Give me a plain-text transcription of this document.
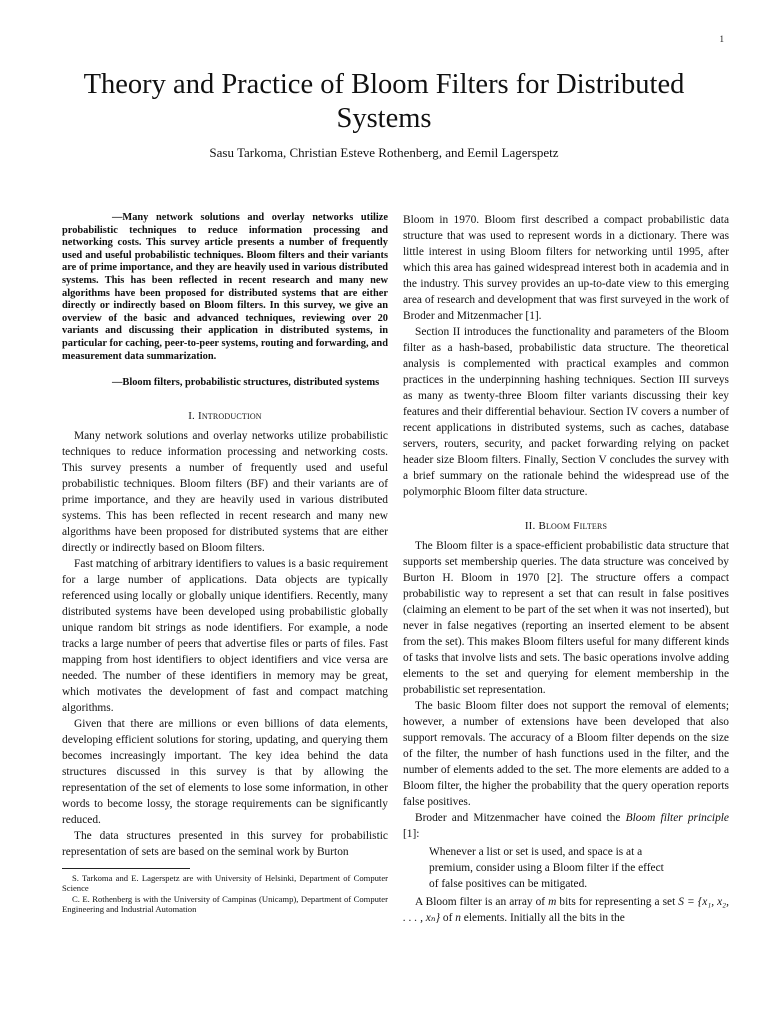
1
Theory and Practice of Bloom Filters for Distributed Systems
Sasu Tarkoma, Christian Esteve Rothenberg, and Eemil Lagerspetz

—Many network solutions and overlay networks utilize probabilistic techniques to reduce information processing and networking costs. This survey article presents a number of frequently used and useful probabilistic techniques. Bloom filters and their variants are of prime importance, and they are heavily used in various distributed systems. This has been reflected in recent research and many new algorithms have been proposed for distributed systems that are either directly or indirectly based on Bloom filters. In this survey, we give an overview of the basic and advanced techniques, reviewing over 20 variants and discussing their application in distributed systems, in particular for caching, peer-to-peer systems, routing and forwarding, and measurement data summarization.

—Bloom filters, probabilistic structures, distributed systems

I. Introduction

Many network solutions and overlay networks utilize probabilistic techniques to reduce information processing and networking costs. This survey presents a number of frequently used and useful probabilistic techniques. Bloom filters (BF) and their variants are of prime importance, and they are heavily used in various distributed systems. This has been reflected in recent research and many new algorithms have been proposed for distributed systems that are either directly or indirectly based on Bloom filters.

Fast matching of arbitrary identifiers to values is a basic requirement for a large number of applications. Data objects are typically referenced using locally or globally unique identifiers. Recently, many distributed systems have been developed using probabilistic globally unique random bit strings as node identifiers. For example, a node tracks a large number of peers that advertise files or parts of files. Fast mapping from host identifiers to object identifiers and vice versa are needed. The number of these identifiers in memory may be great, which motivates the development of fast and compact matching algorithms.

Given that there are millions or even billions of data elements, developing efficient solutions for storing, updating, and querying them becomes increasingly important. The key idea behind the data structures discussed in this survey is that by allowing the representation of the set of elements to lose some information, in other words to become lossy, the storage requirements can be significantly reduced.

The data structures presented in this survey for probabilistic representation of sets are based on the seminal work by Burton

S. Tarkoma and E. Lagerspetz are with University of Helsinki, Department of Computer Science

C. E. Rothenberg is with the University of Campinas (Unicamp), Department of Computer Engineering and Industrial Automation

Bloom in 1970. Bloom first described a compact probabilistic data structure that was used to represent words in a dictionary. There was little interest in using Bloom filters for networking until 1995, after which this area has gained widespread interest both in academia and in the industry. This survey provides an up-to-date view to this emerging area of research and development that was first surveyed in the work of Broder and Mitzenmacher [1].

Section II introduces the functionality and parameters of the Bloom filter as a hash-based, probabilistic data structure. The theoretical analysis is complemented with practical examples and common practices in the underpinning hashing techniques. Section III surveys as many as twenty-three Bloom filter variants discussing their key features and their differential behaviour. Section IV covers a number of recent applications in distributed systems, such as caches, database servers, routers, security, and packet forwarding relying on packet header size Bloom filters. Finally, Section V concludes the survey with a brief summary on the rationale behind the widespread use of the polymorphic Bloom filter data structure.

II. Bloom Filters

The Bloom filter is a space-efficient probabilistic data structure that supports set membership queries. The data structure was conceived by Burton H. Bloom in 1970 [2]. The structure offers a compact probabilistic way to represent a set that can result in false positives (claiming an element to be part of the set when it was not inserted), but never in false negatives (reporting an inserted element to be absent from the set). This makes Bloom filters useful for many different kinds of tasks that involve lists and sets. The basic operations involve adding elements to the set and querying for element membership in the probabilistic set representation.

The basic Bloom filter does not support the removal of elements; however, a number of extensions have been developed that also support removals. The accuracy of a Bloom filter depends on the size of the filter, the number of hash functions used in the filter, and the number of elements added to the set. The more elements are added to a Bloom filter, the higher the probability that the query operation reports false positives.

Broder and Mitzenmacher have coined the Bloom filter principle [1]:

Whenever a list or set is used, and space is at a
premium, consider using a Bloom filter if the effect
of false positives can be mitigated.

A Bloom filter is an array of m bits for representing a set S = {x₁, x₂, . . . , xₙ} of n elements. Initially all the bits in the
